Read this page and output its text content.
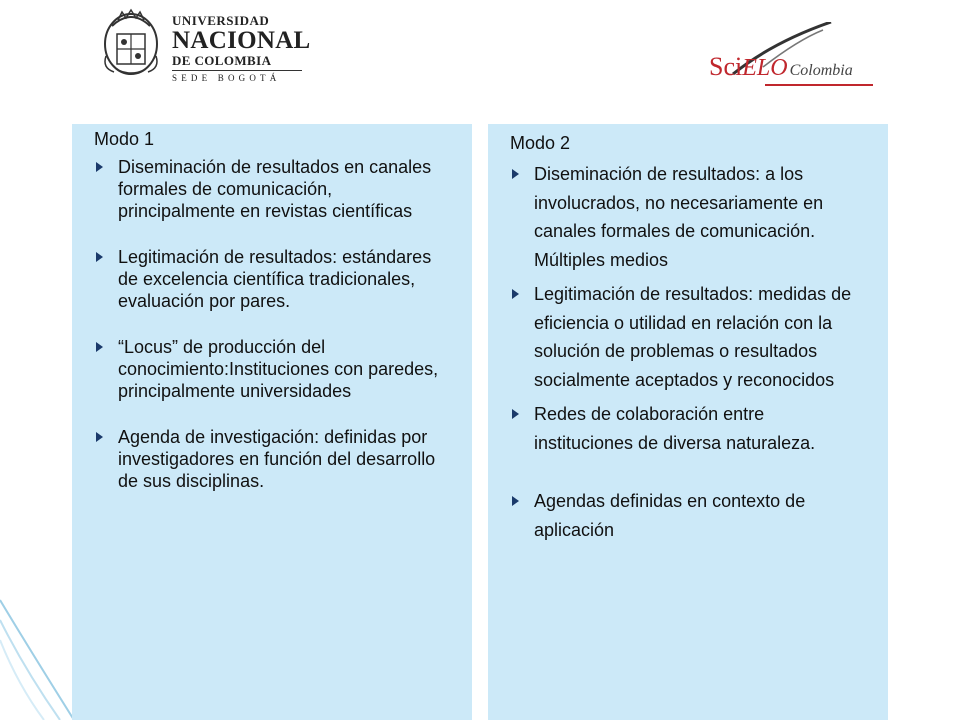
UNIVERSIDAD
NACIONAL
DE COLOMBIA
SEDE BOGOTÁ	SciELO Colombia
Modo 1
Diseminación de resultados en canales formales de comunicación, principalmente en revistas científicas
Legitimación de resultados: estándares de excelencia científica tradicionales, evaluación por pares.
“Locus” de producción del conocimiento:Instituciones con paredes, principalmente universidades
Agenda de investigación: definidas por investigadores en función del desarrollo de sus disciplinas.
Modo 2
Diseminación de resultados: a los involucrados, no necesariamente en canales formales de comunicación. Múltiples medios
Legitimación de resultados: medidas de eficiencia o utilidad en relación con la solución de problemas o resultados socialmente aceptados y reconocidos
Redes de colaboración entre instituciones de diversa naturaleza.
Agendas definidas en contexto de aplicación
